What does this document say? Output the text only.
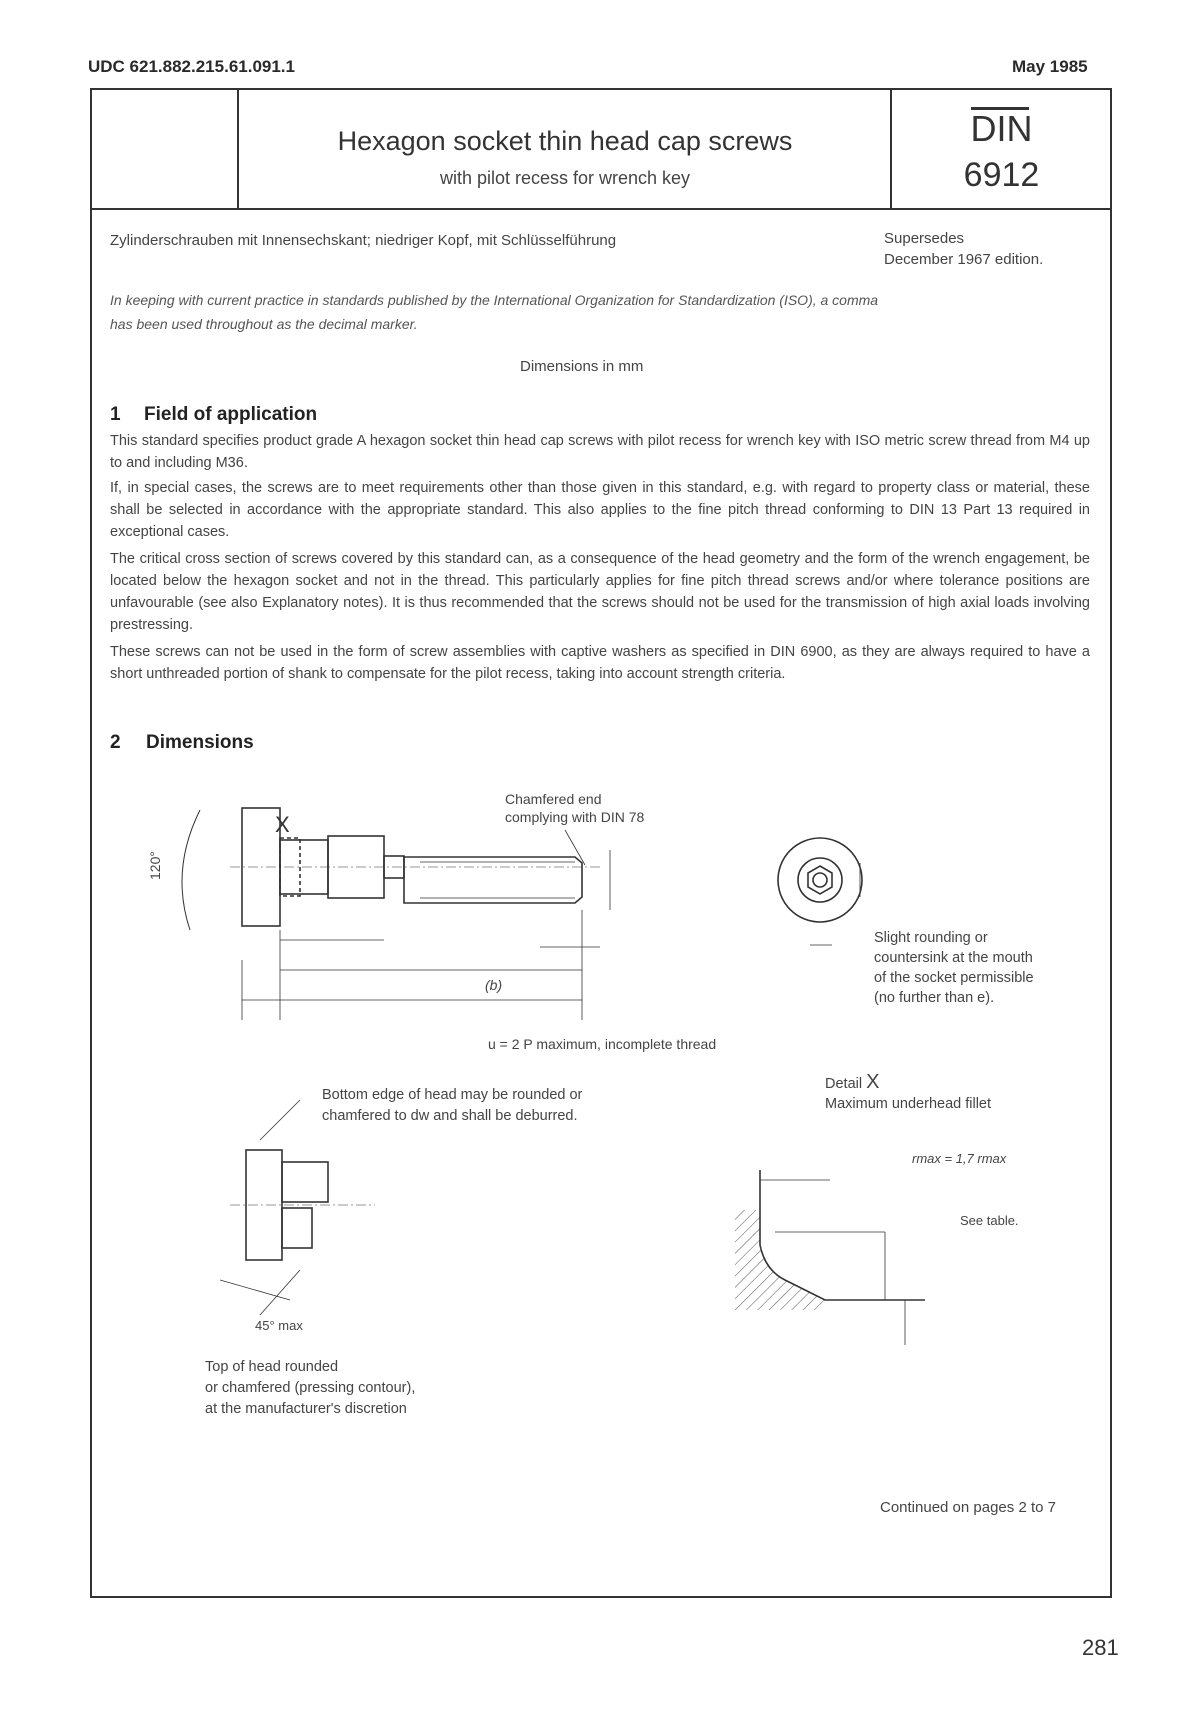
UDC 621.882.215.61.091.1	May 1985
Hexagon socket thin head cap screws
with pilot recess for wrench key
DIN
6912
Zylinderschrauben mit Innensechskant; niedriger Kopf, mit Schlüsselführung	Supersedes
December 1967 edition.
In keeping with current practice in standards published by the International Organization for Standardization (ISO), a comma
has been used throughout as the decimal marker.
Dimensions in mm
1 Field of application
This standard specifies product grade A hexagon socket thin head cap screws with pilot recess for wrench key with ISO metric screw thread from M4 up to and including M36.
If, in special cases, the screws are to meet requirements other than those given in this standard, e.g. with regard to property class or material, these shall be selected in accordance with the appropriate standard. This also applies to the fine pitch thread conforming to DIN 13 Part 13 required in exceptional cases.
The critical cross section of screws covered by this standard can, as a consequence of the head geometry and the form of the wrench engagement, be located below the hexagon socket and not in the thread. This particularly applies for fine pitch thread screws and/or where tolerance positions are unfavourable (see also Explanatory notes). It is thus recommended that the screws should not be used for the transmission of high axial loads involving prestressing.
These screws can not be used in the form of screw assemblies with captive washers as specified in DIN 6900, as they are always required to have a short unthreaded portion of shank to compensate for the pilot recess, taking into account strength criteria.
2 Dimensions
X
120°
(b)
Chamfered end
complying with DIN 78
u = 2 P maximum, incomplete thread
Slight rounding or
countersink at the mouth
of the socket permissible
(no further than e).
Bottom edge of head may be rounded or
chamfered to dw and shall be deburred.
45° max
Top of head rounded
or chamfered (pressing contour),
at the manufacturer's discretion
Detail X
Maximum underhead fillet
rmax = 1,7 rmax
See table.
Continued on pages 2 to 7
281
